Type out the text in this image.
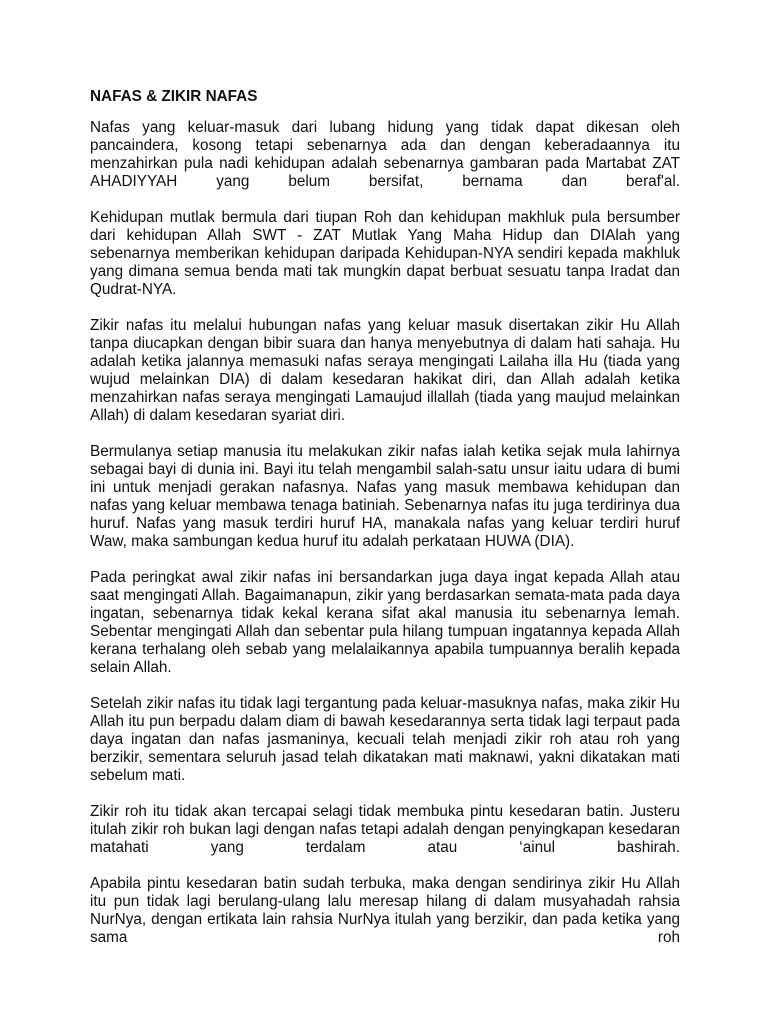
NAFAS & ZIKIR NAFAS

Nafas yang keluar-masuk dari lubang hidung yang tidak dapat dikesan oleh pancaindera, kosong tetapi sebenarnya ada dan dengan keberadaannya itu menzahirkan pula nadi kehidupan adalah sebenarnya gambaran pada Martabat ZAT AHADIYYAH yang belum bersifat, bernama dan beraf'al.

Kehidupan mutlak bermula dari tiupan Roh dan kehidupan makhluk pula bersumber dari kehidupan Allah SWT - ZAT Mutlak Yang Maha Hidup dan DIAlah yang sebenarnya memberikan kehidupan daripada Kehidupan-NYA sendiri kepada makhluk yang dimana semua benda mati tak mungkin dapat berbuat sesuatu tanpa Iradat dan Qudrat-NYA.

Zikir nafas itu melalui hubungan nafas yang keluar masuk disertakan zikir Hu Allah tanpa diucapkan dengan bibir suara dan hanya menyebutnya di dalam hati sahaja. Hu adalah ketika jalannya memasuki nafas seraya mengingati Lailaha illa Hu (tiada yang wujud melainkan DIA) di dalam kesedaran hakikat diri, dan Allah adalah ketika menzahirkan nafas seraya mengingati Lamaujud illallah (tiada yang maujud melainkan Allah) di dalam kesedaran syariat diri.

Bermulanya setiap manusia itu melakukan zikir nafas ialah ketika sejak mula lahirnya sebagai bayi di dunia ini. Bayi itu telah mengambil salah-satu unsur iaitu udara di bumi ini untuk menjadi gerakan nafasnya. Nafas yang masuk membawa kehidupan dan nafas yang keluar membawa tenaga batiniah. Sebenarnya nafas itu juga terdirinya dua huruf. Nafas yang masuk terdiri huruf HA, manakala nafas yang keluar terdiri huruf Waw, maka sambungan kedua huruf itu adalah perkataan HUWA (DIA).

Pada peringkat awal zikir nafas ini bersandarkan juga daya ingat kepada Allah atau saat mengingati Allah. Bagaimanapun, zikir yang berdasarkan semata-mata pada daya ingatan, sebenarnya tidak kekal kerana sifat akal manusia itu sebenarnya lemah. Sebentar mengingati Allah dan sebentar pula hilang tumpuan ingatannya kepada Allah kerana terhalang oleh sebab yang melalaikannya apabila tumpuannya beralih kepada selain Allah.

Setelah zikir nafas itu tidak lagi tergantung pada keluar-masuknya nafas, maka zikir Hu Allah itu pun berpadu dalam diam di bawah kesedarannya serta tidak lagi terpaut pada daya ingatan dan nafas jasmaninya, kecuali telah menjadi zikir roh atau roh yang berzikir, sementara seluruh jasad telah dikatakan mati maknawi, yakni dikatakan mati sebelum mati.

Zikir roh itu tidak akan tercapai selagi tidak membuka pintu kesedaran batin. Justeru itulah zikir roh bukan lagi dengan nafas tetapi adalah dengan penyingkapan kesedaran matahati yang terdalam atau ‘ainul bashirah.

Apabila pintu kesedaran batin sudah terbuka, maka dengan sendirinya zikir Hu Allah itu pun tidak lagi berulang-ulang lalu meresap hilang di dalam musyahadah rahsia NurNya, dengan ertikata lain rahsia NurNya itulah yang berzikir, dan pada ketika yang sama roh
